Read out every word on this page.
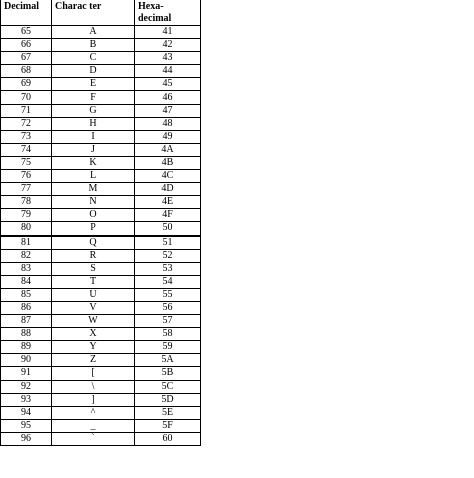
Decimal	Charac ter	Hexa-
decimal

65	A	41
66	B	42
67	C	43
68	D	44
69	E	45
70	F	46
71	G	47
72	H	48
73	I	49
74	J	4A
75	K	4B
76	L	4C
77	M	4D
78	N	4E
79	O	4F
80	P	50
81	Q	51
82	R	52
83	S	53
84	T	54
85	U	55
86	V	56
87	W	57
88	X	58
89	Y	59
90	Z	5A
91	[	5B
92	\	5C
93	]	5D
94	^	5E
95	_	5F
96	`	60
